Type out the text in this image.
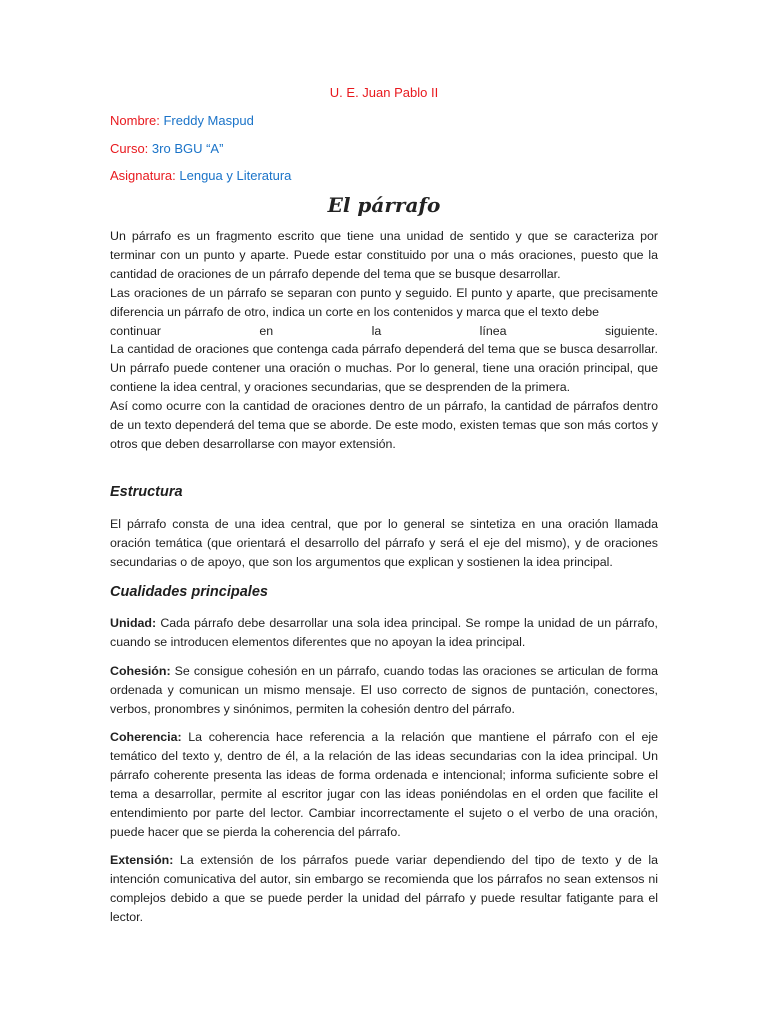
U. E. Juan Pablo II
Nombre: Freddy Maspud
Curso: 3ro BGU “A”
Asignatura: Lengua y Literatura
El párrafo

Un párrafo es un fragmento escrito que tiene una unidad de sentido y que se caracteriza por terminar con un punto y aparte. Puede estar constituido por una o más oraciones, puesto que la cantidad de oraciones de un párrafo depende del tema que se busque desarrollar.

Las oraciones de un párrafo se separan con punto y seguido. El punto y aparte, que precisamente diferencia un párrafo de otro, indica un corte en los contenidos y marca que el texto debe

continuar en la línea siguiente.

La cantidad de oraciones que contenga cada párrafo dependerá del tema que se busca desarrollar. Un párrafo puede contener una oración o muchas. Por lo general, tiene una oración principal, que contiene la idea central, y oraciones secundarias, que se desprenden de la primera.

Así como ocurre con la cantidad de oraciones dentro de un párrafo, la cantidad de párrafos dentro de un texto dependerá del tema que se aborde. De este modo, existen temas que son más cortos y otros que deben desarrollarse con mayor extensión.

Estructura

El párrafo consta de una idea central, que por lo general se sintetiza en una oración llamada oración temática (que orientará el desarrollo del párrafo y será el eje del mismo), y de oraciones secundarias o de apoyo, que son los argumentos que explican y sostienen la idea principal.

Cualidades principales

Unidad: Cada párrafo debe desarrollar una sola idea principal. Se rompe la unidad de un párrafo, cuando se introducen elementos diferentes que no apoyan la idea principal.

Cohesión: Se consigue cohesión en un párrafo, cuando todas las oraciones se articulan de forma ordenada y comunican un mismo mensaje. El uso correcto de signos de puntación, conectores, verbos, pronombres y sinónimos, permiten la cohesión dentro del párrafo.

Coherencia: La coherencia hace referencia a la relación que mantiene el párrafo con el eje temático del texto y, dentro de él, a la relación de las ideas secundarias con la idea principal. Un párrafo coherente presenta las ideas de forma ordenada e intencional; informa suficiente sobre el tema a desarrollar, permite al escritor jugar con las ideas poniéndolas en el orden que facilite el entendimiento por parte del lector. Cambiar incorrectamente el sujeto o el verbo de una oración, puede hacer que se pierda la coherencia del párrafo.

Extensión: La extensión de los párrafos puede variar dependiendo del tipo de texto y de la intención comunicativa del autor, sin embargo se recomienda que los párrafos no sean extensos ni complejos debido a que se puede perder la unidad del párrafo y puede resultar fatigante para el lector.
